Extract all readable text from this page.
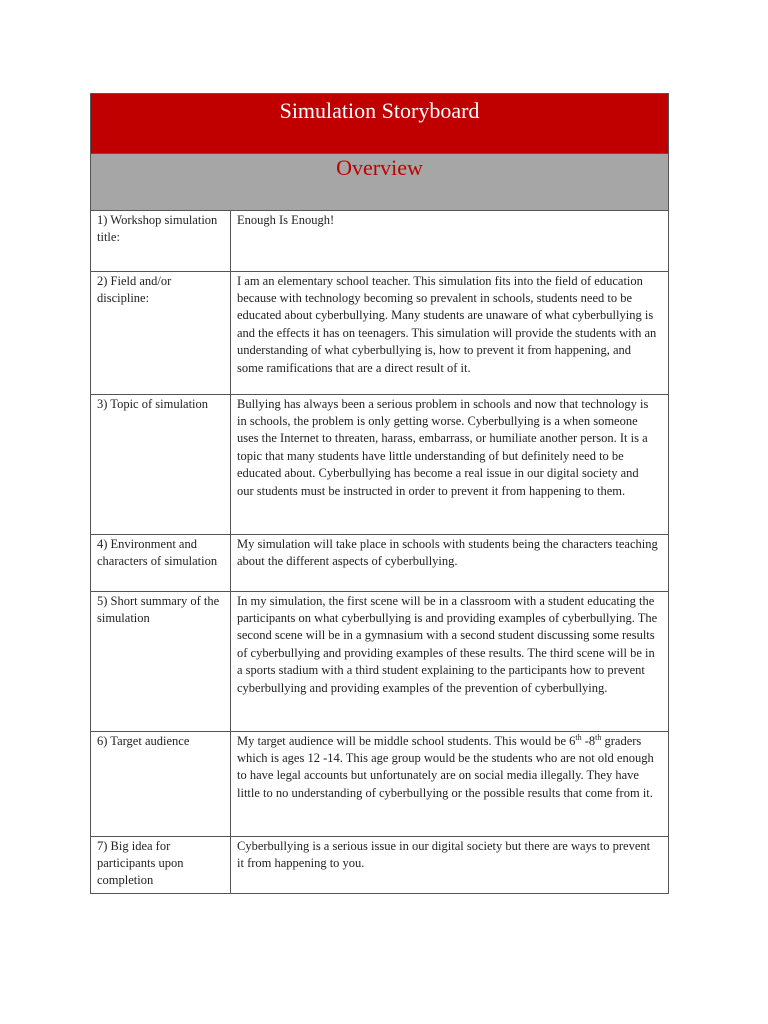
Simulation Storyboard
Overview
1) Workshop simulation title:	Enough Is Enough!
2) Field and/or discipline:	I am an elementary school teacher. This simulation fits into the field of education because with technology becoming so prevalent in schools, students need to be educated about cyberbullying. Many students are unaware of what cyberbullying is and the effects it has on teenagers. This simulation will provide the students with an understanding of what cyberbullying is, how to prevent it from happening, and some ramifications that are a direct result of it.
3) Topic of simulation	Bullying has always been a serious problem in schools and now that technology is in schools, the problem is only getting worse. Cyberbullying is a when someone uses the Internet to threaten, harass, embarrass, or humiliate another person. It is a topic that many students have little understanding of but definitely need to be educated about. Cyberbullying has become a real issue in our digital society and our students must be instructed in order to prevent it from happening to them.
4) Environment and characters of simulation	My simulation will take place in schools with students being the characters teaching about the different aspects of cyberbullying.
5) Short summary of the simulation	In my simulation, the first scene will be in a classroom with a student educating the participants on what cyberbullying is and providing examples of cyberbullying. The second scene will be in a gymnasium with a second student discussing some results of cyberbullying and providing examples of these results. The third scene will be in a sports stadium with a third student explaining to the participants how to prevent cyberbullying and providing examples of the prevention of cyberbullying.
6) Target audience	My target audience will be middle school students. This would be 6th -8th graders which is ages 12 -14. This age group would be the students who are not old enough to have legal accounts but unfortunately are on social media illegally. They have little to no understanding of cyberbullying or the possible results that come from it.
7) Big idea for participants upon completion	Cyberbullying is a serious issue in our digital society but there are ways to prevent it from happening to you.
